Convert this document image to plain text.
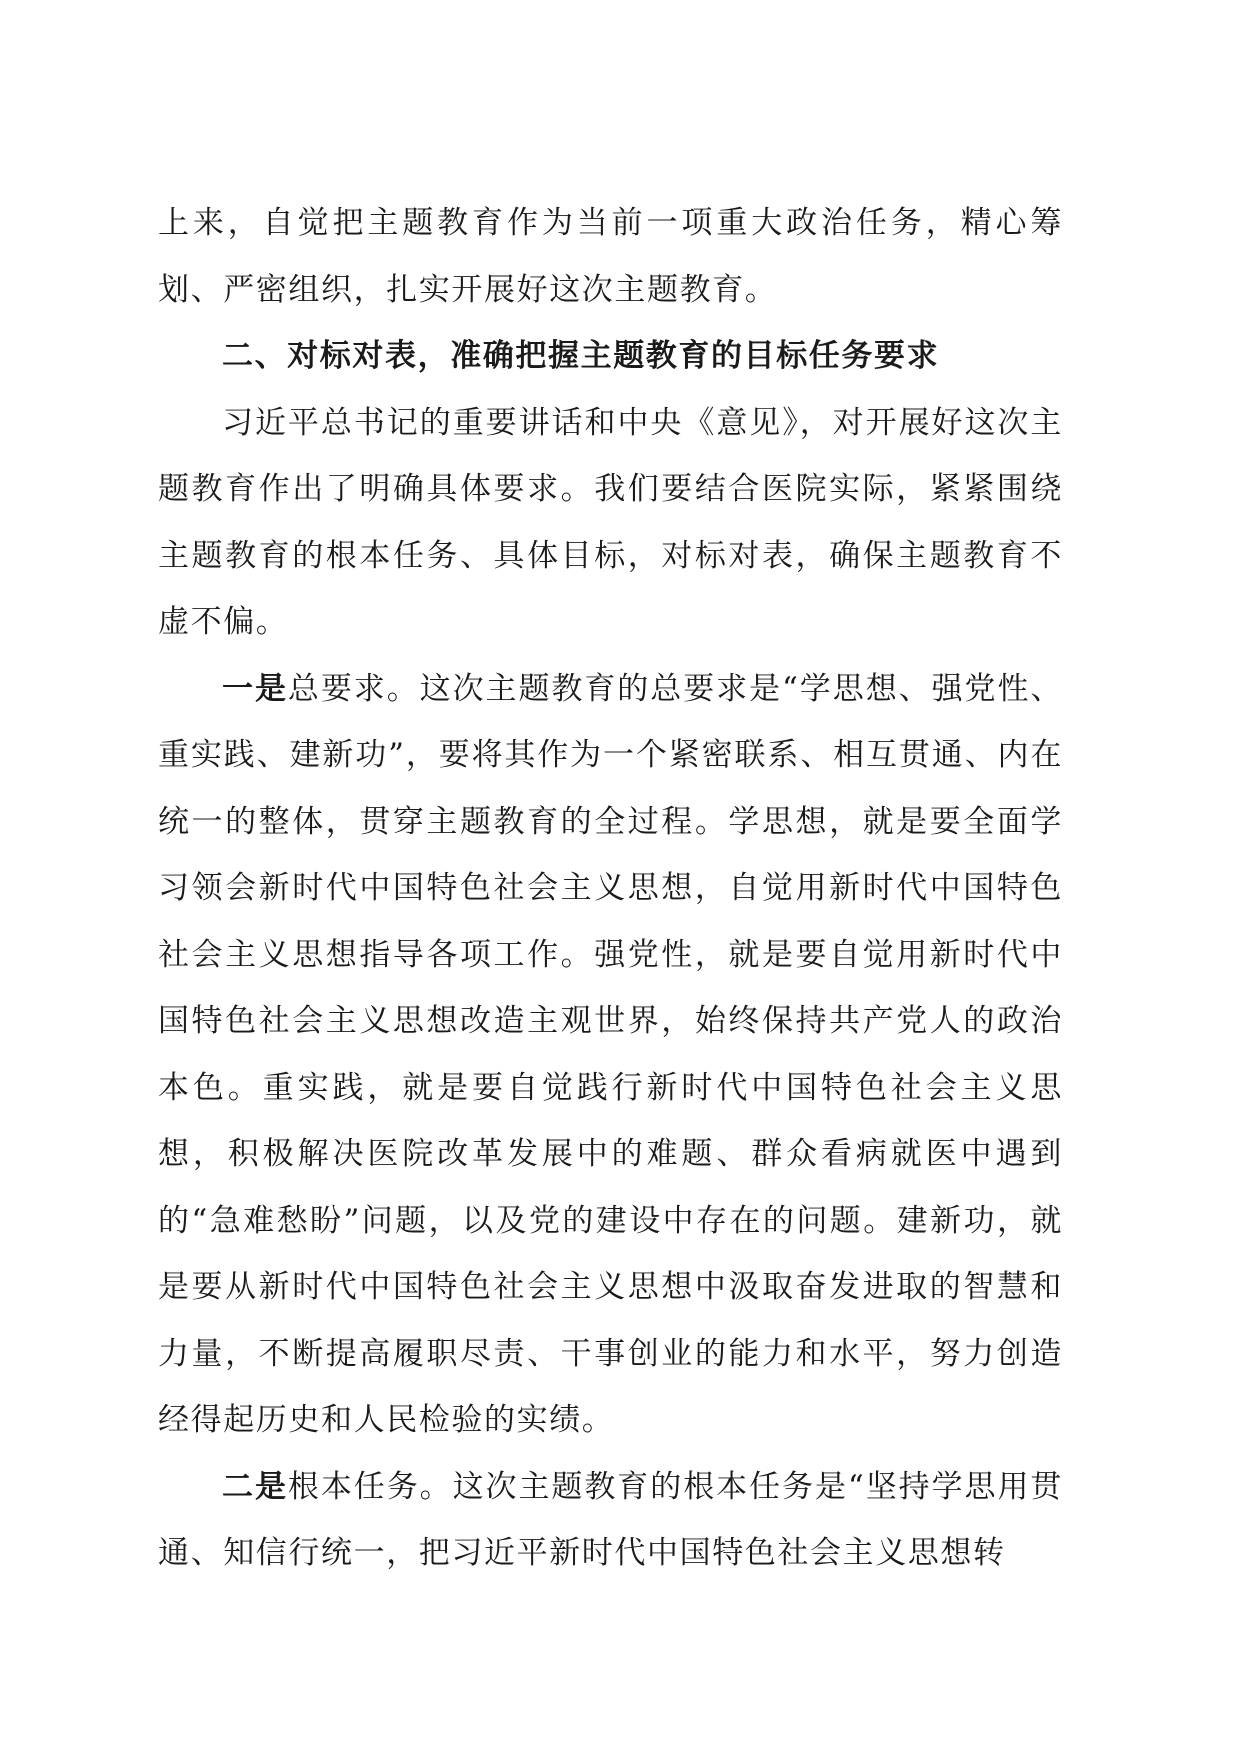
上来，自觉把主题教育作为当前一项重大政治任务，精心筹划、严密组织，扎实开展好这次主题教育。

二、对标对表，准确把握主题教育的目标任务要求

习近平总书记的重要讲话和中央《意见》，对开展好这次主题教育作出了明确具体要求。我们要结合医院实际，紧紧围绕主题教育的根本任务、具体目标，对标对表，确保主题教育不虚不偏。

一是总要求。这次主题教育的总要求是“学思想、强党性、重实践、建新功”，要将其作为一个紧密联系、相互贯通、内在统一的整体，贯穿主题教育的全过程。学思想，就是要全面学习领会新时代中国特色社会主义思想，自觉用新时代中国特色社会主义思想指导各项工作。强党性，就是要自觉用新时代中国特色社会主义思想改造主观世界，始终保持共产党人的政治本色。重实践，就是要自觉践行新时代中国特色社会主义思想，积极解决医院改革发展中的难题、群众看病就医中遇到的“急难愁盼”问题，以及党的建设中存在的问题。建新功，就是要从新时代中国特色社会主义思想中汲取奋发进取的智慧和力量，不断提高履职尽责、干事创业的能力和水平，努力创造经得起历史和人民检验的实绩。

二是根本任务。这次主题教育的根本任务是“坚持学思用贯通、知信行统一，把习近平新时代中国特色社会主义思想转
